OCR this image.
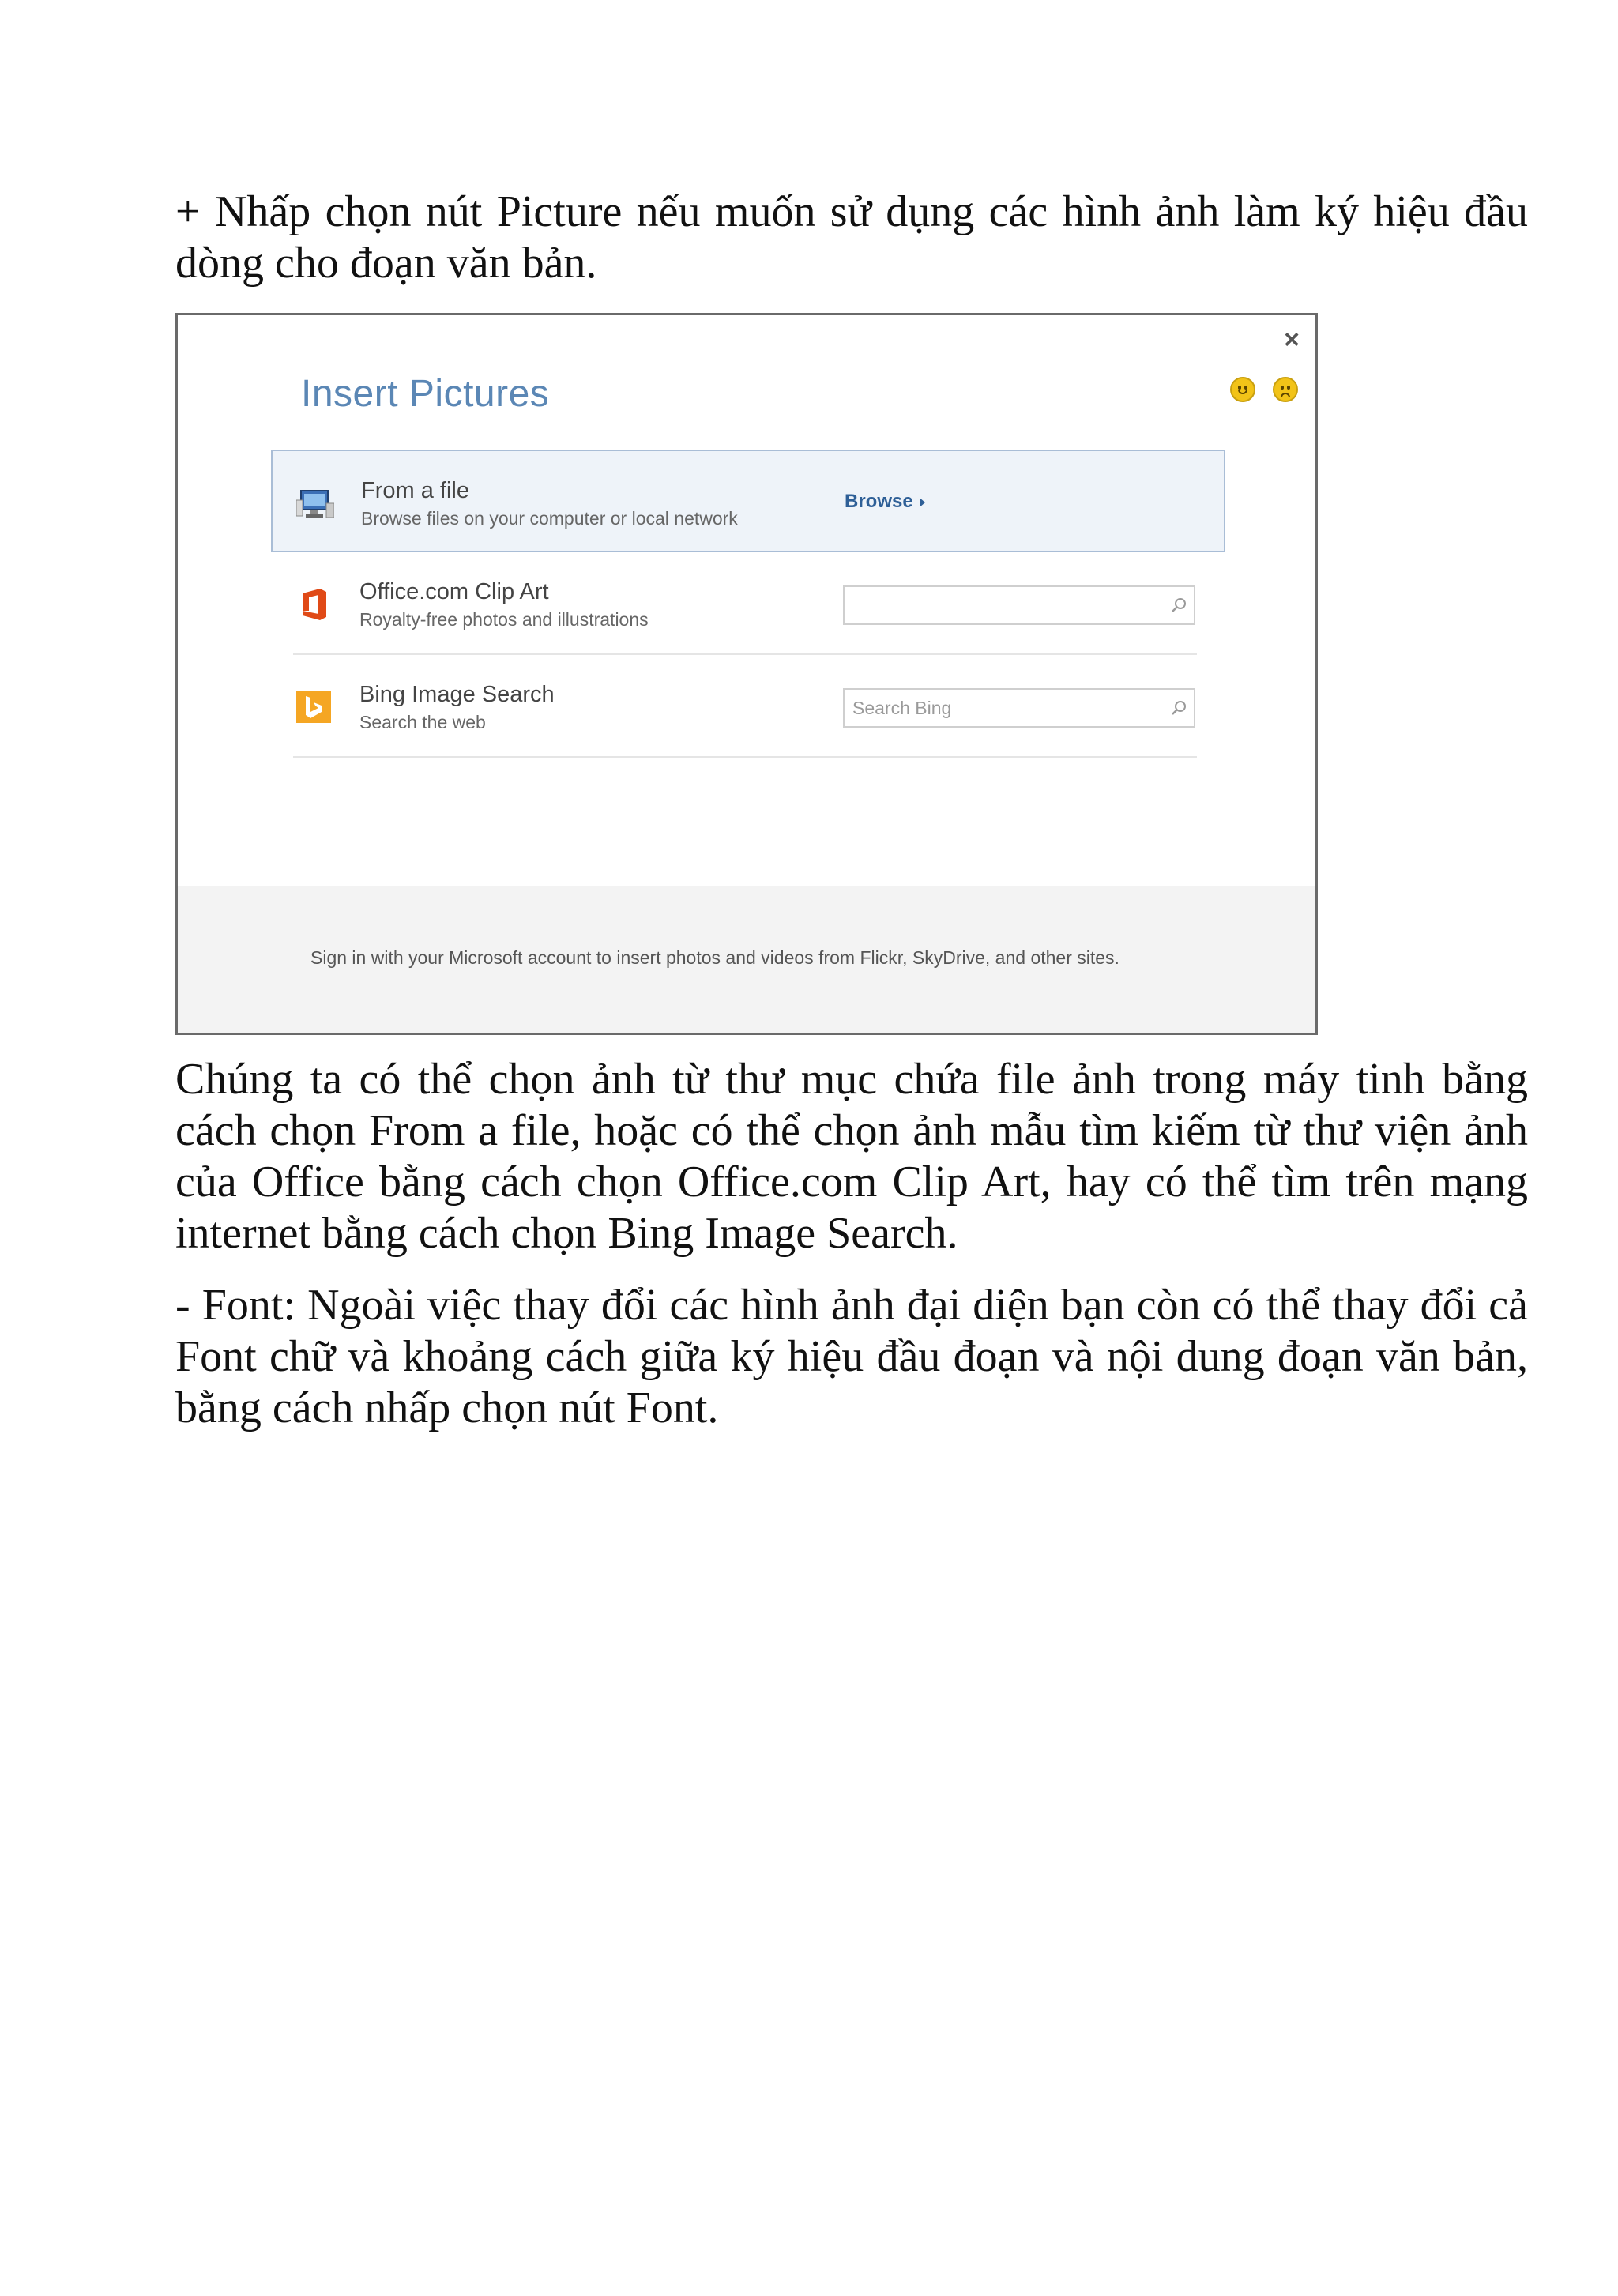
+ Nhấp chọn nút Picture nếu muốn sử dụng các hình ảnh làm ký hiệu đầu dòng cho đoạn văn bản.

×
Insert Pictures
From a file
Browse files on your computer or local network
Browse
Office.com Clip Art
Royalty-free photos and illustrations
Bing Image Search
Search the web
Search Bing
Sign in with your Microsoft account to insert photos and videos from Flickr, SkyDrive, and other sites.

Chúng ta có thể chọn ảnh từ thư mục chứa file ảnh trong máy tinh bằng cách chọn From a file, hoặc có thể chọn ảnh mẫu tìm kiếm từ thư viện ảnh của Office bằng cách chọn Office.com Clip Art, hay có thể tìm trên mạng internet bằng cách chọn Bing Image Search.

- Font: Ngoài việc thay đổi các hình ảnh đại diện bạn còn có thể thay đổi cả Font chữ và khoảng cách giữa ký hiệu đầu đoạn và nội dung đoạn văn bản, bằng cách nhấp chọn nút Font.
